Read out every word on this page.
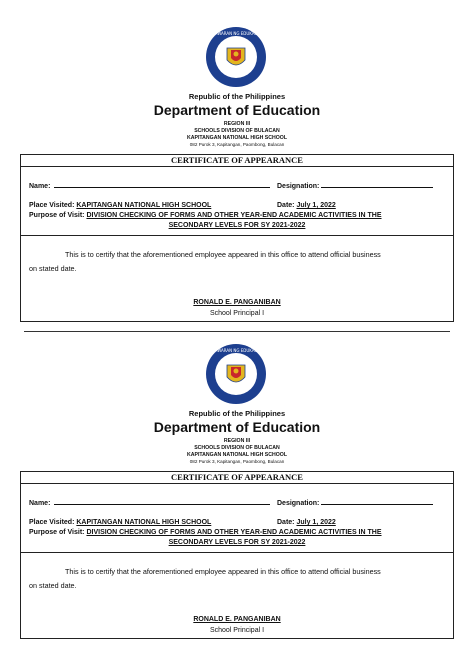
KAGAWARAN NG EDUKASYON
Republic of the Philippines
Department of Education
REGION III
SCHOOLS DIVISION OF BULACAN
KAPITANGAN NATIONAL HIGH SCHOOL
082 Purok 3, Kapitangan, Paombong, Bulacan
CERTIFICATE OF APPEARANCE
Name:	Designation:
Place Visited: KAPITANGAN NATIONAL HIGH SCHOOL	Date: July 1, 2022
Purpose of Visit: DIVISION CHECKING OF FORMS AND OTHER YEAR-END ACADEMIC ACTIVITIES IN THE
SECONDARY LEVELS FOR SY 2021-2022
This is to certify that the aforementioned employee appeared in this office to attend official business
on stated date.
RONALD E. PANGANIBAN
School Principal I
KAGAWARAN NG EDUKASYON
Republic of the Philippines
Department of Education
REGION III
SCHOOLS DIVISION OF BULACAN
KAPITANGAN NATIONAL HIGH SCHOOL
082 Purok 3, Kapitangan, Paombong, Bulacan
CERTIFICATE OF APPEARANCE
Name:	Designation:
Place Visited: KAPITANGAN NATIONAL HIGH SCHOOL	Date: July 1, 2022
Purpose of Visit: DIVISION CHECKING OF FORMS AND OTHER YEAR-END ACADEMIC ACTIVITIES IN THE
SECONDARY LEVELS FOR SY 2021-2022
This is to certify that the aforementioned employee appeared in this office to attend official business
on stated date.
RONALD E. PANGANIBAN
School Principal I
